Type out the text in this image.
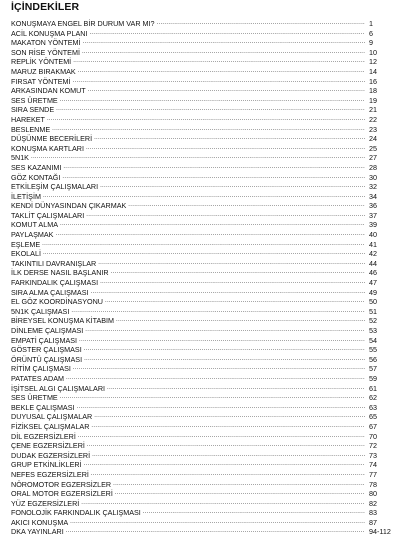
İÇİNDEKİLER
KONUŞMAYA ENGEL BİR DURUM VAR MI? .....	1
ACİL KONUŞMA PLANI .....	6
MAKATON YÖNTEMİ .....	9
SON RİSE YÖNTEMİ .....	10
REPLİK YÖNTEMİ .....	12
MARUZ BIRAKMAK .....	14
FIRSAT YÖNTEMİ .....	16
ARKASINDAN KOMUT .....	18
SES ÜRETME .....	19
SIRA SENDE .....	21
HAREKET .....	22
BESLENME .....	23
DÜŞÜNME BECERİLERİ .....	24
KONUŞMA KARTLARI .....	25
5N1K .....	27
SES KAZANIMI .....	28
GÖZ KONTAĞI .....	30
ETKİLEŞİM ÇALIŞMALARI .....	32
İLETİŞİM .....	34
KENDİ DÜNYASINDAN ÇIKARMAK .....	36
TAKLİT ÇALIŞMALARI .....	37
KOMUT ALMA .....	39
PAYLAŞMAK .....	40
EŞLEME .....	41
EKOLALİ .....	42
TAKINTILI DAVRANIŞLAR .....	44
İLK DERSE NASIL BAŞLANIR .....	46
FARKINDALIK ÇALIŞMASI .....	47
SIRA ALMA ÇALIŞMASI .....	49
EL GÖZ KOORDİNASYONU .....	50
5N1K ÇALIŞMASI .....	51
BİREYSEL KONUŞMA KİTABIM .....	52
DİNLEME ÇALIŞMASI .....	53
EMPATİ ÇALIŞMASI .....	54
GÖSTER ÇALIŞMASI .....	55
ÖRÜNTÜ ÇALIŞMASI .....	56
RİTİM ÇALIŞMASI .....	57
PATATES ADAM .....	59
İŞİTSEL ALGI ÇALIŞMALARI .....	61
SES ÜRETME .....	62
BEKLE ÇALIŞMASI .....	63
DUYUSAL ÇALIŞMALAR .....	65
FİZİKSEL ÇALIŞMALAR .....	67
DİL EGZERSİZLERİ .....	70
ÇENE EGZERSİZLERİ .....	72
DUDAK EGZERSİZLERİ .....	73
GRUP ETKİNLİKLERİ .....	74
NEFES EGZERSİZLERİ .....	77
NÖROMOTOR EGZERSİZLER .....	78
ORAL MOTOR EGZERSİZLERİ .....	80
YÜZ EGZERSİZLERİ .....	82
FONOLOJİK FARKINDALIK ÇALIŞMASI .....	83
AKICI KONUŞMA .....	87
DKA YAYINLARI .....	94-112
